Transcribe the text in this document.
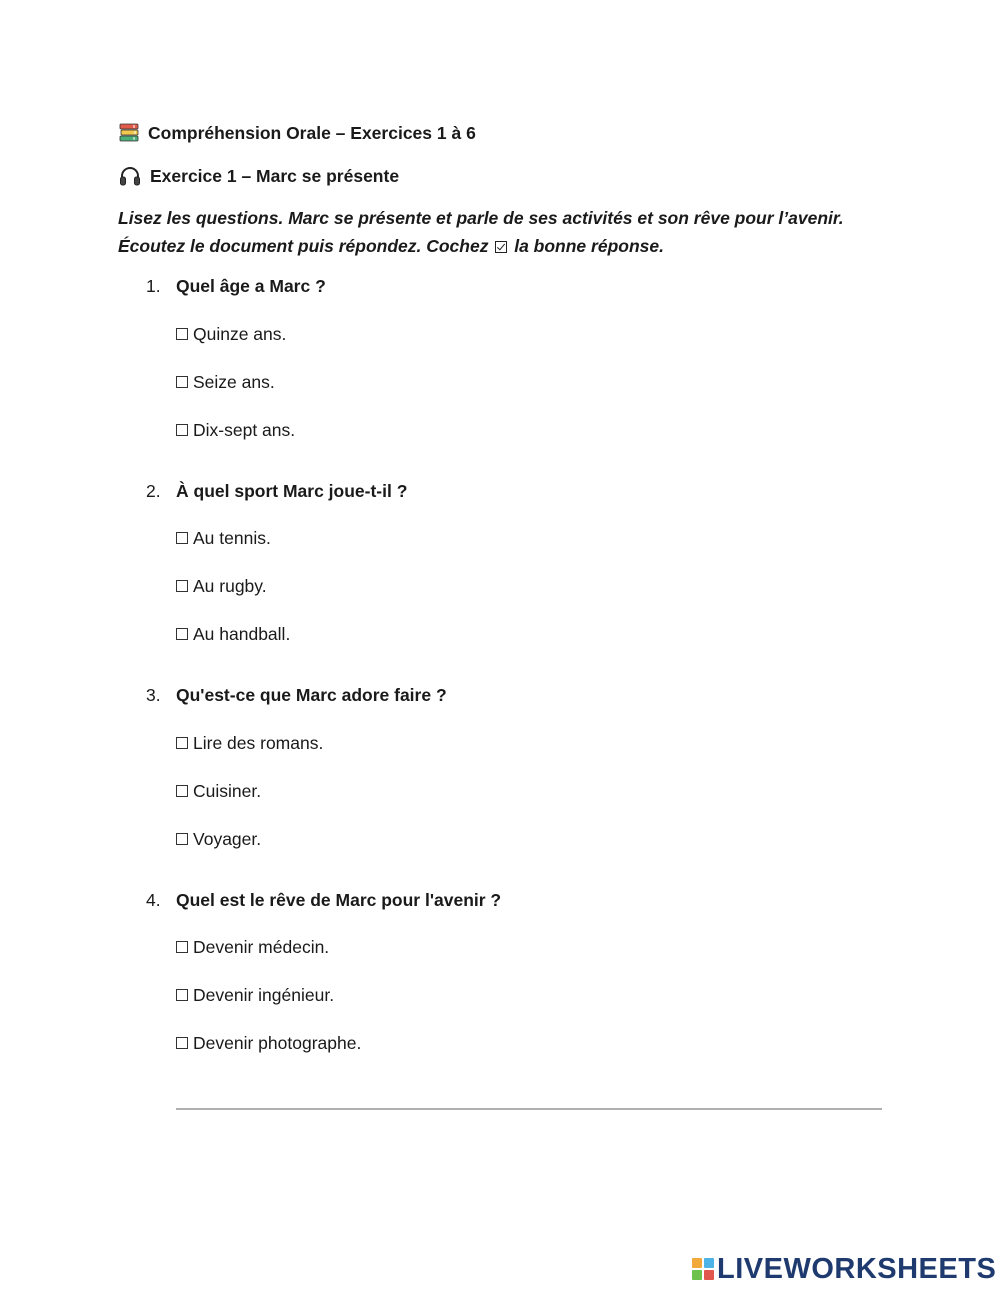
Compréhension Orale – Exercices 1 à 6
Exercice 1 – Marc se présente
Lisez les questions. Marc se présente et parle de ses activités et son rêve pour l’avenir. Écoutez le document puis répondez. Cochez la bonne réponse.
1. Quel âge a Marc ?
Quinze ans.
Seize ans.
Dix-sept ans.
2. À quel sport Marc joue-t-il ?
Au tennis.
Au rugby.
Au handball.
3. Qu'est-ce que Marc adore faire ?
Lire des romans.
Cuisiner.
Voyager.
4. Quel est le rêve de Marc pour l'avenir ?
Devenir médecin.
Devenir ingénieur.
Devenir photographe.
LIVEWORKSHEETS
